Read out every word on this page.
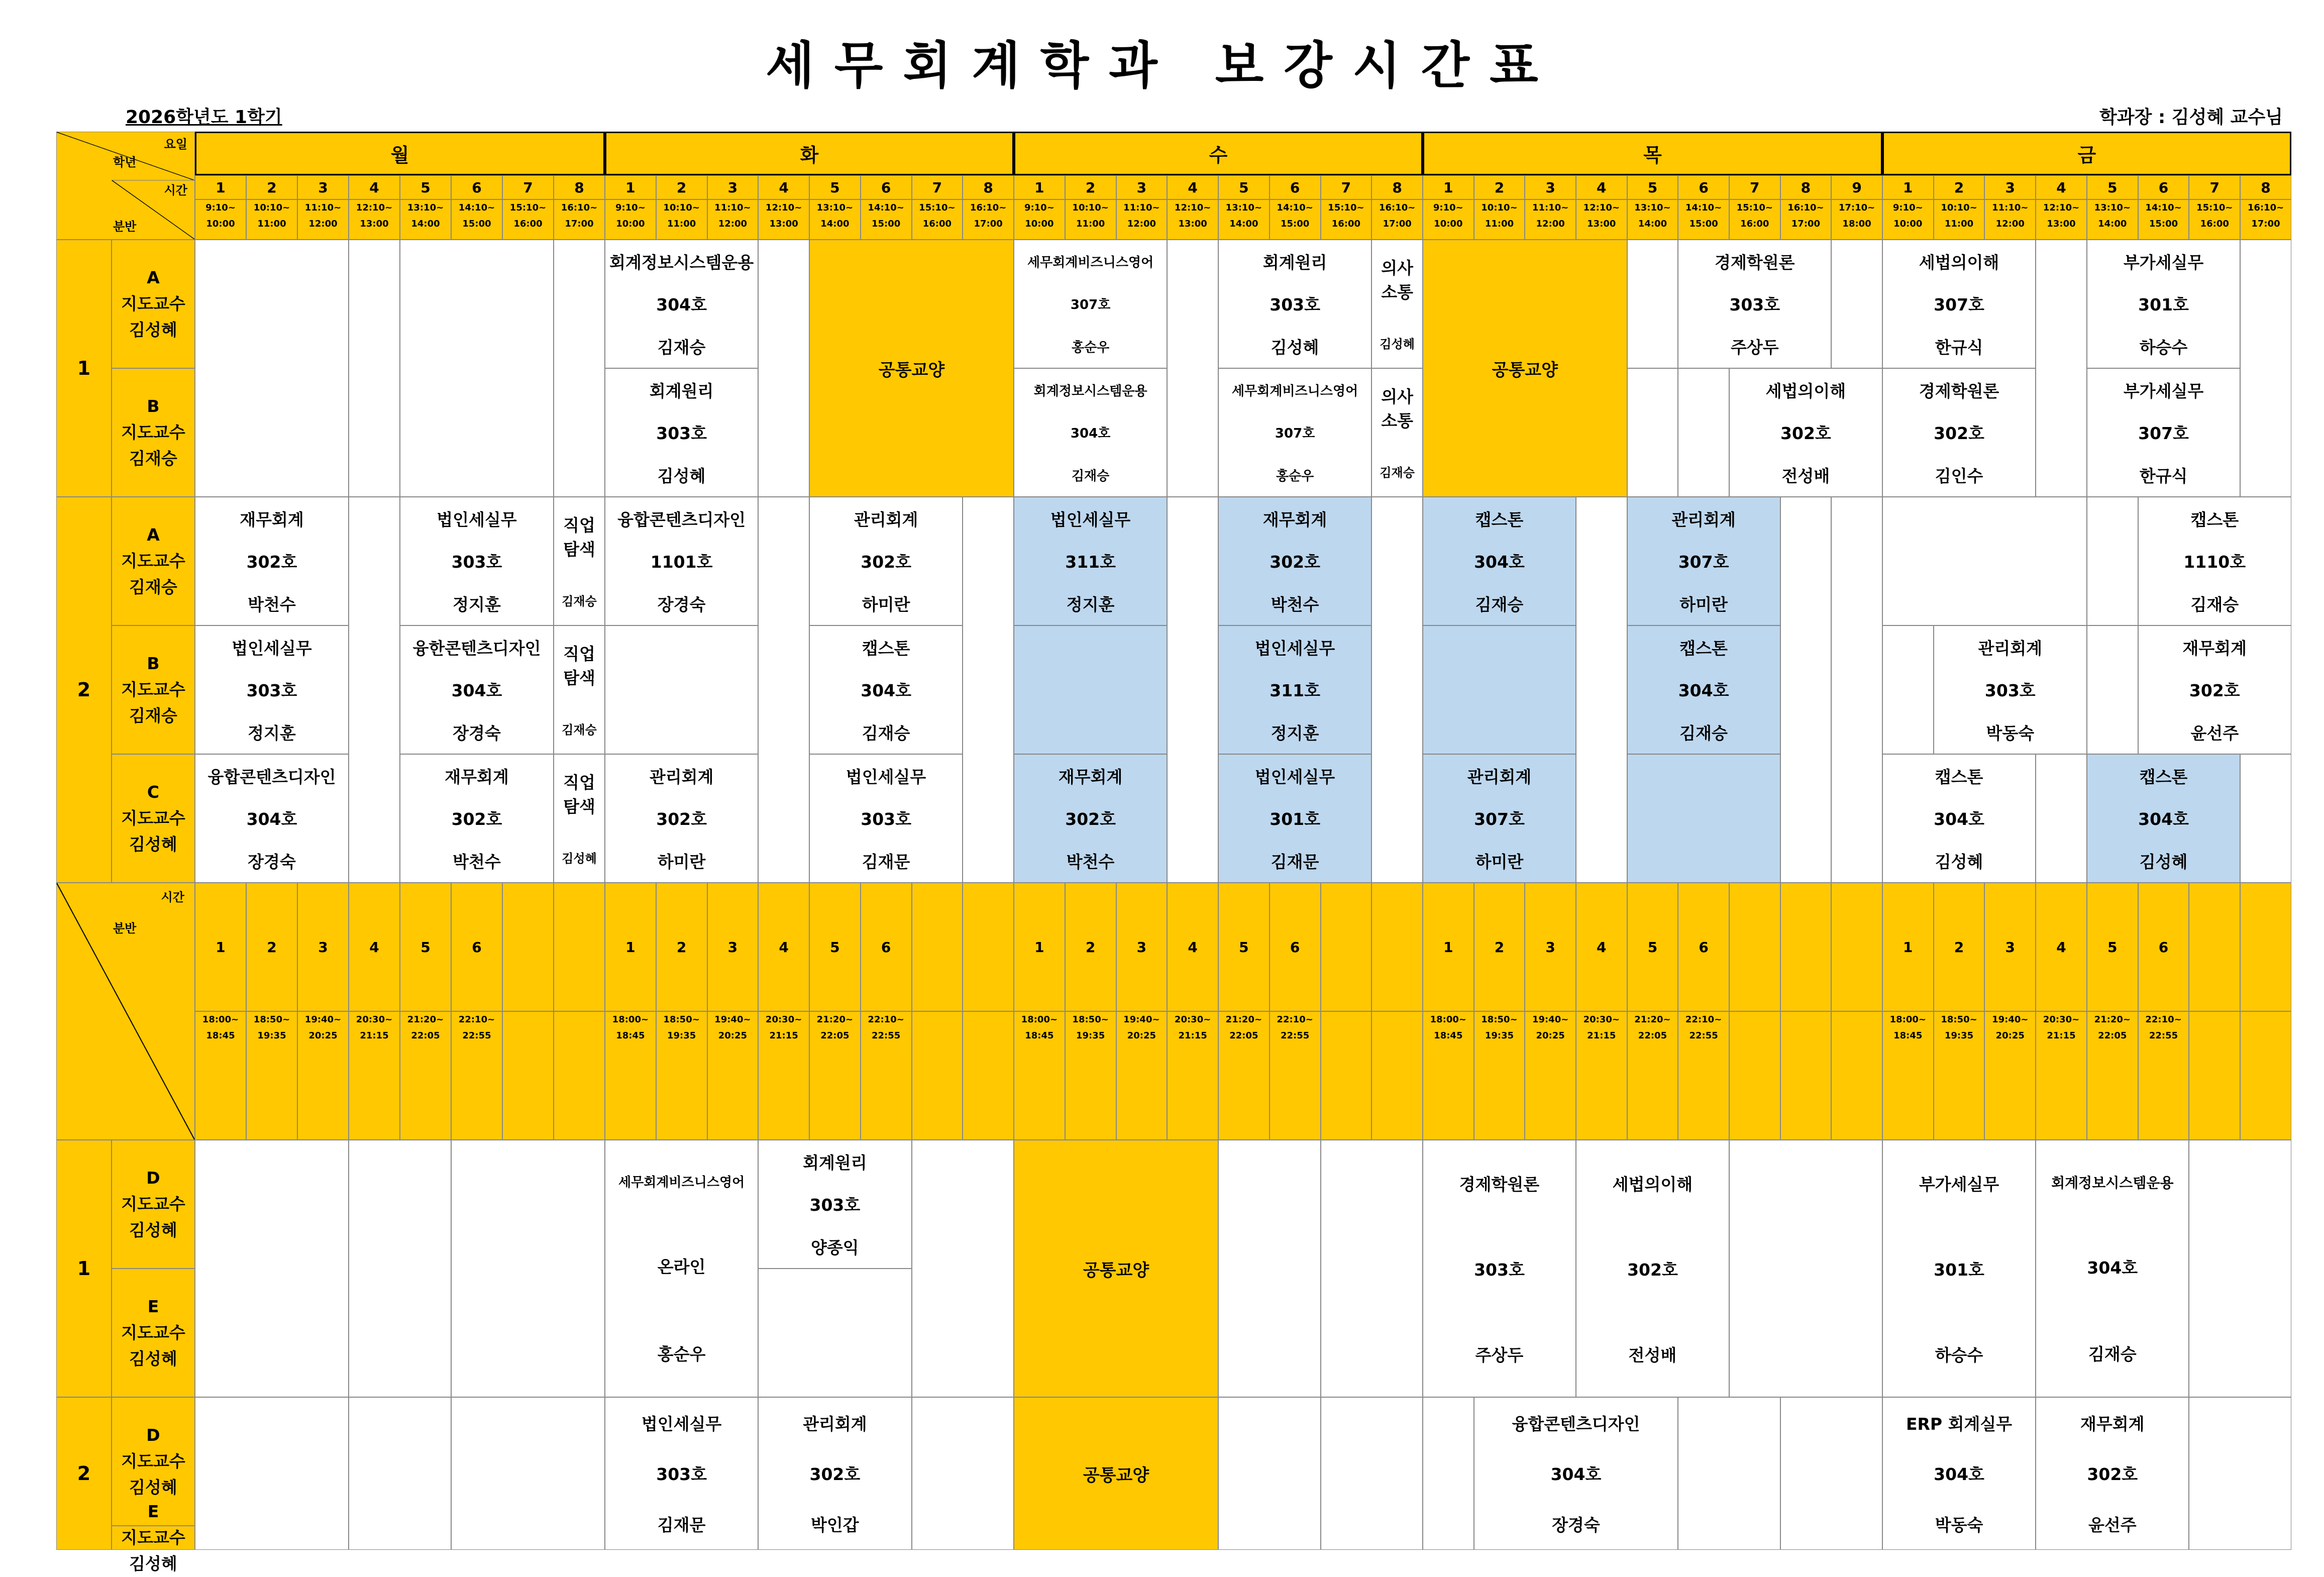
세무회계학과 보강시간표
2026학년도 1학기	학과장 : 김성혜 교수님
요일
학년
시간
분반
월
1
9:10~
10:00
2
10:10~
11:00
3
11:10~
12:00
4
12:10~
13:00
5
13:10~
14:00
6
14:10~
15:00
7
15:10~
16:00
8
16:10~
17:00
화
1
9:10~
10:00
2
10:10~
11:00
3
11:10~
12:00
4
12:10~
13:00
5
13:10~
14:00
6
14:10~
15:00
7
15:10~
16:00
8
16:10~
17:00
수
1
9:10~
10:00
2
10:10~
11:00
3
11:10~
12:00
4
12:10~
13:00
5
13:10~
14:00
6
14:10~
15:00
7
15:10~
16:00
8
16:10~
17:00
목
1
9:10~
10:00
2
10:10~
11:00
3
11:10~
12:00
4
12:10~
13:00
5
13:10~
14:00
6
14:10~
15:00
7
15:10~
16:00
8
16:10~
17:00
9
17:10~
18:00
금
1
9:10~
10:00
2
10:10~
11:00
3
11:10~
12:00
4
12:10~
13:00
5
13:10~
14:00
6
14:10~
15:00
7
15:10~
16:00
8
16:10~
17:00
1
A
지도교수
김성혜
B
지도교수
김재승
2
A
지도교수
김재승
B
지도교수
김재승
C
지도교수
김성혜
회계정보시스템운용
304호
김재승
회계원리
303호
김성혜
공통교양
세무회계비즈니스영어
307호
홍순우
회계정보시스템운용
304호
김재승
회계원리
303호
김성혜
세무회계비즈니스영어
307호
홍순우
의사
소통
김성혜
의사
소통
김재승
공통교양
경제학원론
303호
주상두
세법의이해
302호
전성배
세법의이해
307호
한규식
경제학원론
302호
김인수
부가세실무
301호
하승수
부가세실무
307호
한규식
재무회계
302호
박천수
법인세실무
303호
정지훈
융합콘텐츠디자인
304호
장경숙
법인세실무
303호
정지훈
융한콘텐츠디자인
304호
장경숙
재무회계
302호
박천수
직업
탐색
김재승
직업
탐색
김재승
직업
탐색
김성혜
융합콘텐츠디자인
1101호
장경숙
관리회계
302호
하미란
관리회계
302호
하미란
캡스톤
304호
김재승
법인세실무
303호
김재문
법인세실무
311호
정지훈
재무회계
302호
박천수
재무회계
302호
박천수
법인세실무
311호
정지훈
법인세실무
301호
김재문
캡스톤
304호
김재승
관리회계
307호
하미란
관리회계
307호
하미란
캡스톤
304호
김재승
캡스톤
1110호
김재승
관리회계
303호
박동숙
재무회계
302호
윤선주
캡스톤
304호
김성혜
캡스톤
304호
김성혜
시간
분반
1
18:00~
18:45
2
18:50~
19:35
3
19:40~
20:25
4
20:30~
21:15
5
21:20~
22:05
6
22:10~
22:55
1
18:00~
18:45
2
18:50~
19:35
3
19:40~
20:25
4
20:30~
21:15
5
21:20~
22:05
6
22:10~
22:55
1
18:00~
18:45
2
18:50~
19:35
3
19:40~
20:25
4
20:30~
21:15
5
21:20~
22:05
6
22:10~
22:55
1
18:00~
18:45
2
18:50~
19:35
3
19:40~
20:25
4
20:30~
21:15
5
21:20~
22:05
6
22:10~
22:55
1
18:00~
18:45
2
18:50~
19:35
3
19:40~
20:25
4
20:30~
21:15
5
21:20~
22:05
6
22:10~
22:55
1
D
지도교수
김성혜
E
지도교수
김성혜
2
D
지도교수
김성혜

지도교수
김성혜
세무회계비즈니스영어
온라인
홍순우
회계원리
303호
양종익
공통교양
경제학원론
303호
주상두
세법의이해
302호
전성배
부가세실무
301호
하승수
회계정보시스템운용
304호
김재승
법인세실무
303호
김재문
관리회계
302호
박인갑
공통교양
융합콘텐츠디자인
304호
장경숙
ERP 회계실무
304호
박동숙
재무회계
302호
윤선주
